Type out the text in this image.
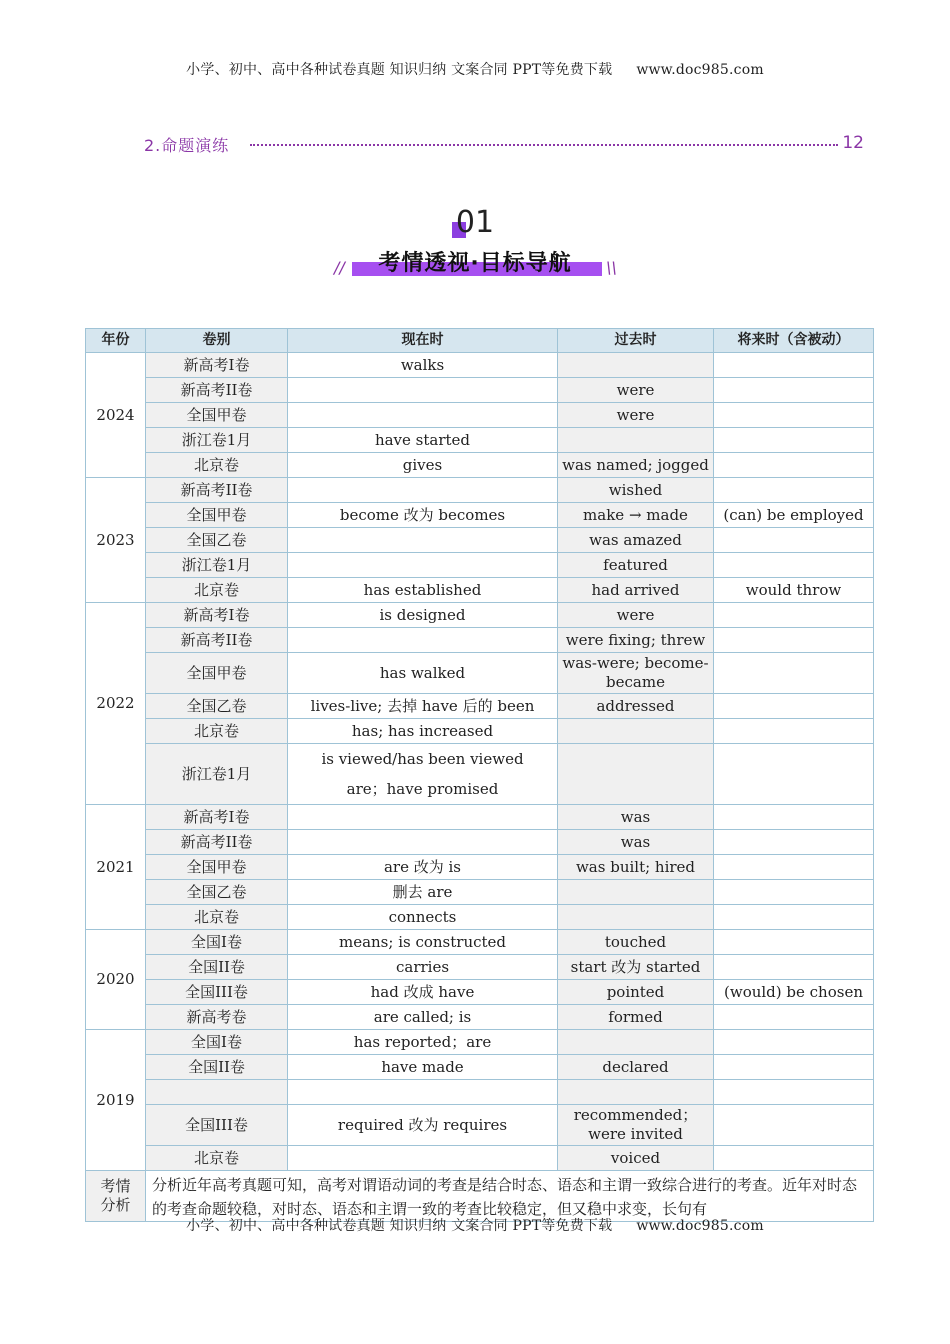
小学、初中、高中各种试卷真题 知识归纳 文案合同 PPT等免费下载 www.doc985.com
2.命题演练	12
01
//	考情透视·目标导航	\\
年份	卷别	现在时	过去时	将来时（含被动）
2024	新高考I卷	walks		
	新高考II卷		were	
	全国甲卷		were	
	浙江卷1月	have started		
	北京卷	gives	was named; jogged	
2023	新高考II卷		wished	
	全国甲卷	become 改为 becomes	make → made	(can) be employed
	全国乙卷		was amazed	
	浙江卷1月		featured	
	北京卷	has established	had arrived	would throw
2022	新高考I卷	is designed	were	
	新高考II卷		were fixing; threw	
	全国甲卷	has walked	was-were; become-became	
	全国乙卷	lives-live; 去掉 have 后的 been	addressed	
	北京卷	has; has increased		
	浙江卷1月	is viewed/has been viewed
are；have promised		
2021	新高考I卷		was	
	新高考II卷		was	
	全国甲卷	are 改为 is	was built; hired	
	全国乙卷	删去 are		
	北京卷	connects		
2020	全国I卷	means; is constructed	touched	
	全国II卷	carries	start 改为 started	
	全国III卷	had 改成 have	pointed	(would) be chosen
	新高考卷	are called; is	formed	
2019	全国I卷	has reported；are		
	全国II卷	have made	declared	

	全国III卷	required 改为 requires	recommended；
were invited	
	北京卷		voiced	
考情
分析	分析近年高考真题可知，高考对谓语动词的考查是结合时态、语态和主谓一致综合进行的考查。近年对时态的考查命题较稳，对时态、语态和主谓一致的考查比较稳定，但又稳中求变，长句有			
小学、初中、高中各种试卷真题 知识归纳 文案合同 PPT等免费下载 www.doc985.com
